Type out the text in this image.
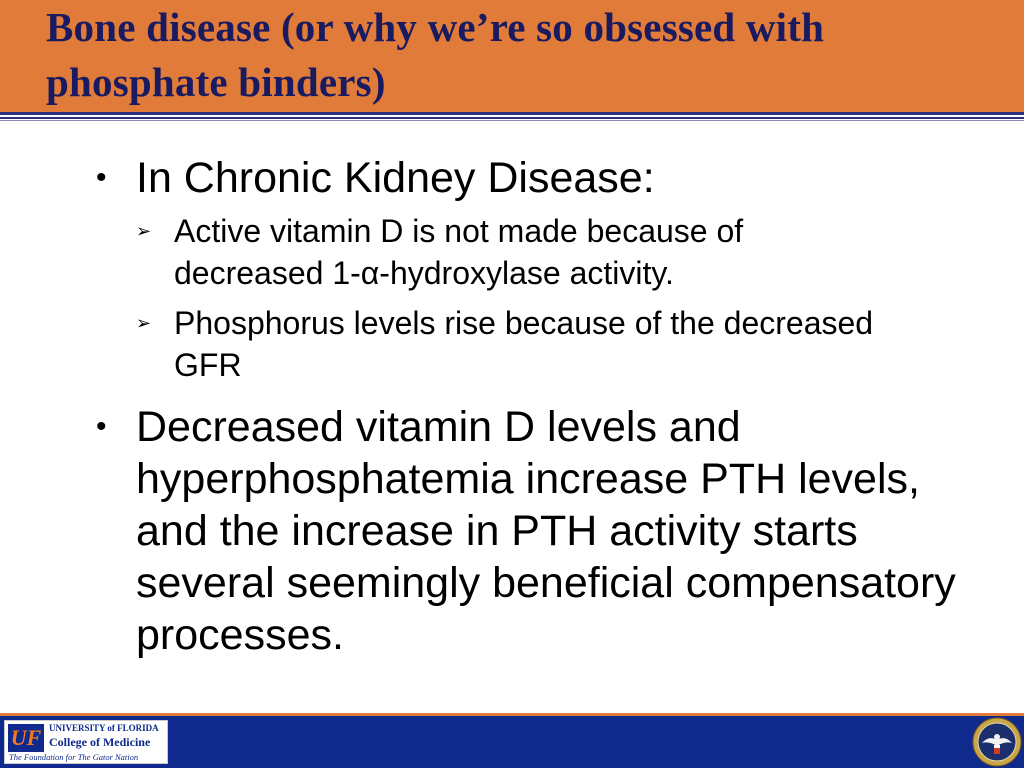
Bone disease (or why we’re so obsessed with phosphate binders)
• In Chronic Kidney Disease:
➢ Active vitamin D is not made because of decreased 1-α-hydroxylase activity.
➢ Phosphorus levels rise because of the decreased GFR
• Decreased vitamin D levels and hyperphosphatemia increase PTH levels, and the increase in PTH activity starts several seemingly beneficial compensatory processes.
UF UNIVERSITY of FLORIDA
College of Medicine
The Foundation for The Gator Nation
